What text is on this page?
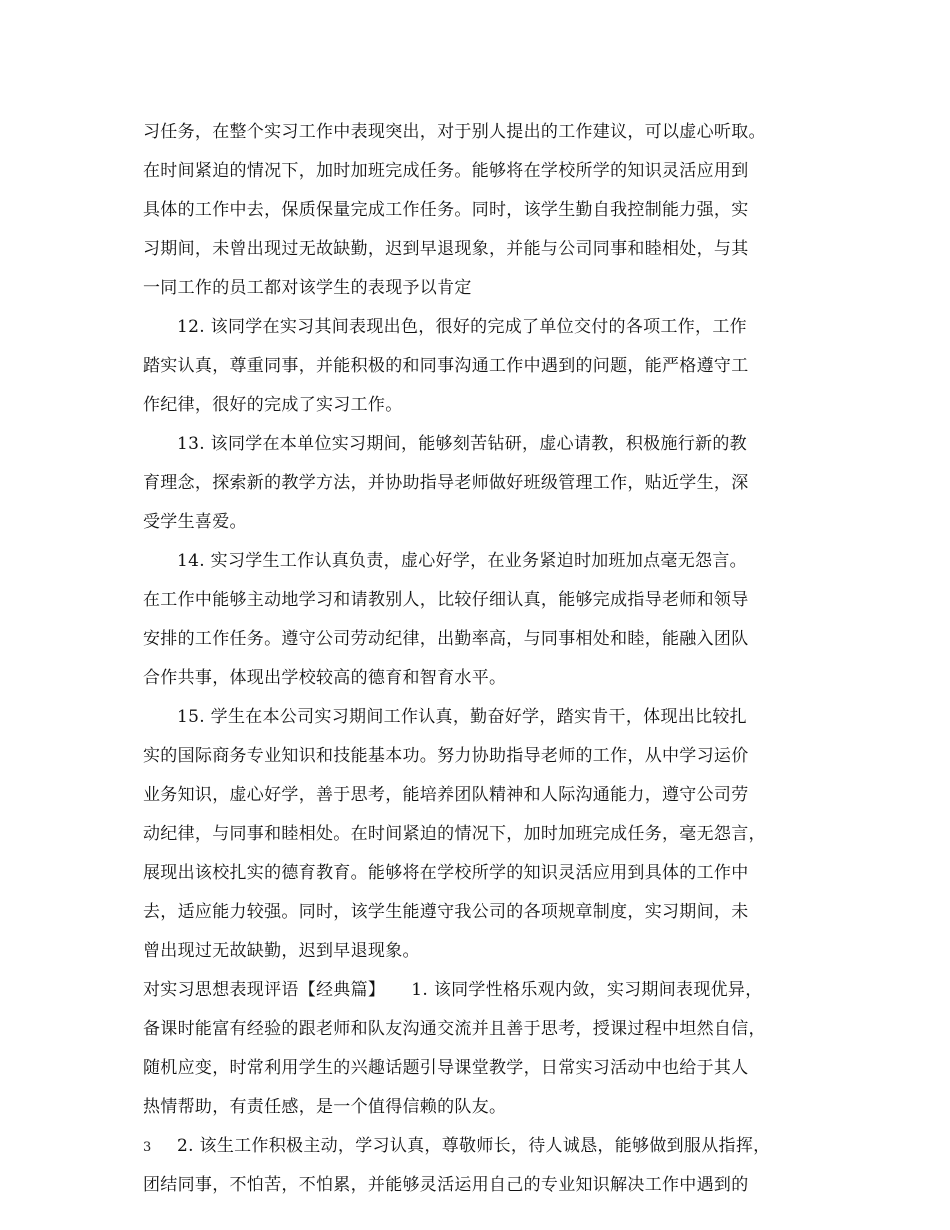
习任务，在整个实习工作中表现突出，对于别人提出的工作建议，可以虚心听取。
在时间紧迫的情况下，加时加班完成任务。能够将在学校所学的知识灵活应用到
具体的工作中去，保质保量完成工作任务。同时，该学生勤自我控制能力强，实
习期间，未曾出现过无故缺勤，迟到早退现象，并能与公司同事和睦相处，与其
一同工作的员工都对该学生的表现予以肯定
12. 该同学在实习其间表现出色，很好的完成了单位交付的各项工作，工作
踏实认真，尊重同事，并能积极的和同事沟通工作中遇到的问题，能严格遵守工
作纪律，很好的完成了实习工作。
13. 该同学在本单位实习期间，能够刻苦钻研，虚心请教，积极施行新的教
育理念，探索新的教学方法，并协助指导老师做好班级管理工作，贴近学生，深
受学生喜爱。
14. 实习学生工作认真负责，虚心好学，在业务紧迫时加班加点毫无怨言。
在工作中能够主动地学习和请教别人，比较仔细认真，能够完成指导老师和领导
安排的工作任务。遵守公司劳动纪律，出勤率高，与同事相处和睦，能融入团队
合作共事，体现出学校较高的德育和智育水平。
15. 学生在本公司实习期间工作认真，勤奋好学，踏实肯干，体现出比较扎
实的国际商务专业知识和技能基本功。努力协助指导老师的工作，从中学习运价
业务知识，虚心好学，善于思考，能培养团队精神和人际沟通能力，遵守公司劳
动纪律，与同事和睦相处。在时间紧迫的情况下，加时加班完成任务，毫无怨言，
展现出该校扎实的德育教育。能够将在学校所学的知识灵活应用到具体的工作中
去，适应能力较强。同时，该学生能遵守我公司的各项规章制度，实习期间，未
曾出现过无故缺勤，迟到早退现象。
对实习思想表现评语【经典篇】　　1. 该同学性格乐观内敛，实习期间表现优异，
备课时能富有经验的跟老师和队友沟通交流并且善于思考，授课过程中坦然自信，
随机应变，时常利用学生的兴趣话题引导课堂教学，日常实习活动中也给于其人
热情帮助，有责任感，是一个值得信赖的队友。
2. 该生工作积极主动，学习认真，尊敬师长，待人诚恳，能够做到服从指挥，
团结同事，不怕苦，不怕累，并能够灵活运用自己的专业知识解决工作中遇到的
3
